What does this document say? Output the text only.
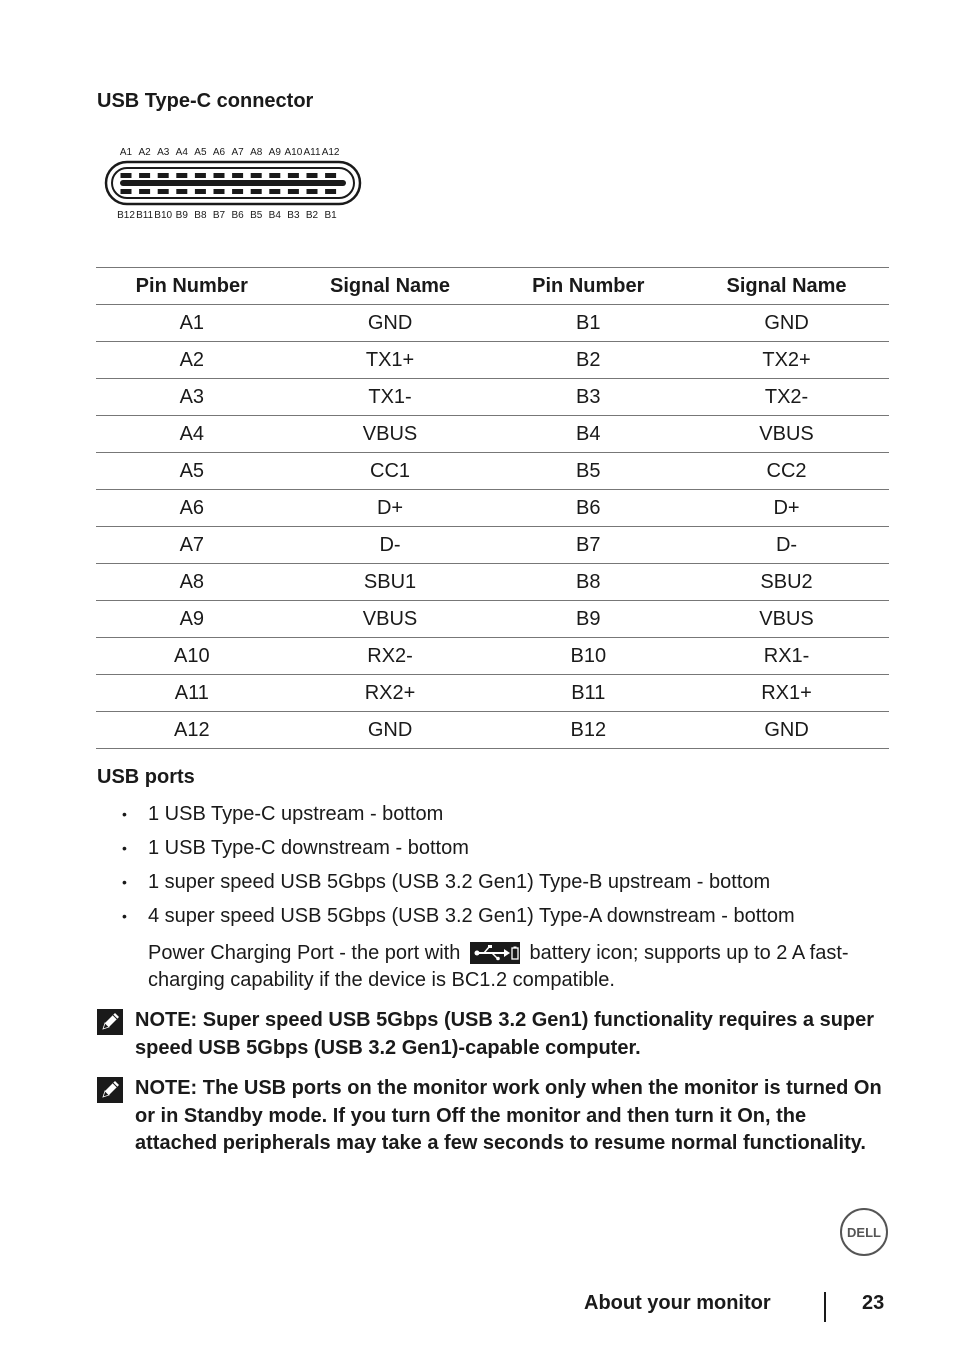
USB Type-C connector
A1 A2 A3 A4 A5 A6 A7 A8 A9 A10 A11 A12
B12 B11 B10 B9 B8 B7 B6 B5 B4 B3 B2 B1
Pin Number	Signal Name	Pin Number	Signal Name
A1	GND	B1	GND
A2	TX1+	B2	TX2+
A3	TX1-	B3	TX2-
A4	VBUS	B4	VBUS
A5	CC1	B5	CC2
A6	D+	B6	D+
A7	D-	B7	D-
A8	SBU1	B8	SBU2
A9	VBUS	B9	VBUS
A10	RX2-	B10	RX1-
A11	RX2+	B11	RX1+
A12	GND	B12	GND
USB ports
• 1 USB Type-C upstream - bottom
• 1 USB Type-C downstream - bottom
• 1 super speed USB 5Gbps (USB 3.2 Gen1) Type-B upstream - bottom
• 4 super speed USB 5Gbps (USB 3.2 Gen1) Type-A downstream - bottom
Power Charging Port - the port with	battery icon; supports up to 2 A fast-charging capability if the device is BC1.2 compatible.
NOTE: Super speed USB 5Gbps (USB 3.2 Gen1) functionality requires a super speed USB 5Gbps (USB 3.2 Gen1)-capable computer.
NOTE: The USB ports on the monitor work only when the monitor is turned On or in Standby mode. If you turn Off the monitor and then turn it On, the attached peripherals may take a few seconds to resume normal functionality.
DELL
About your monitor	23
